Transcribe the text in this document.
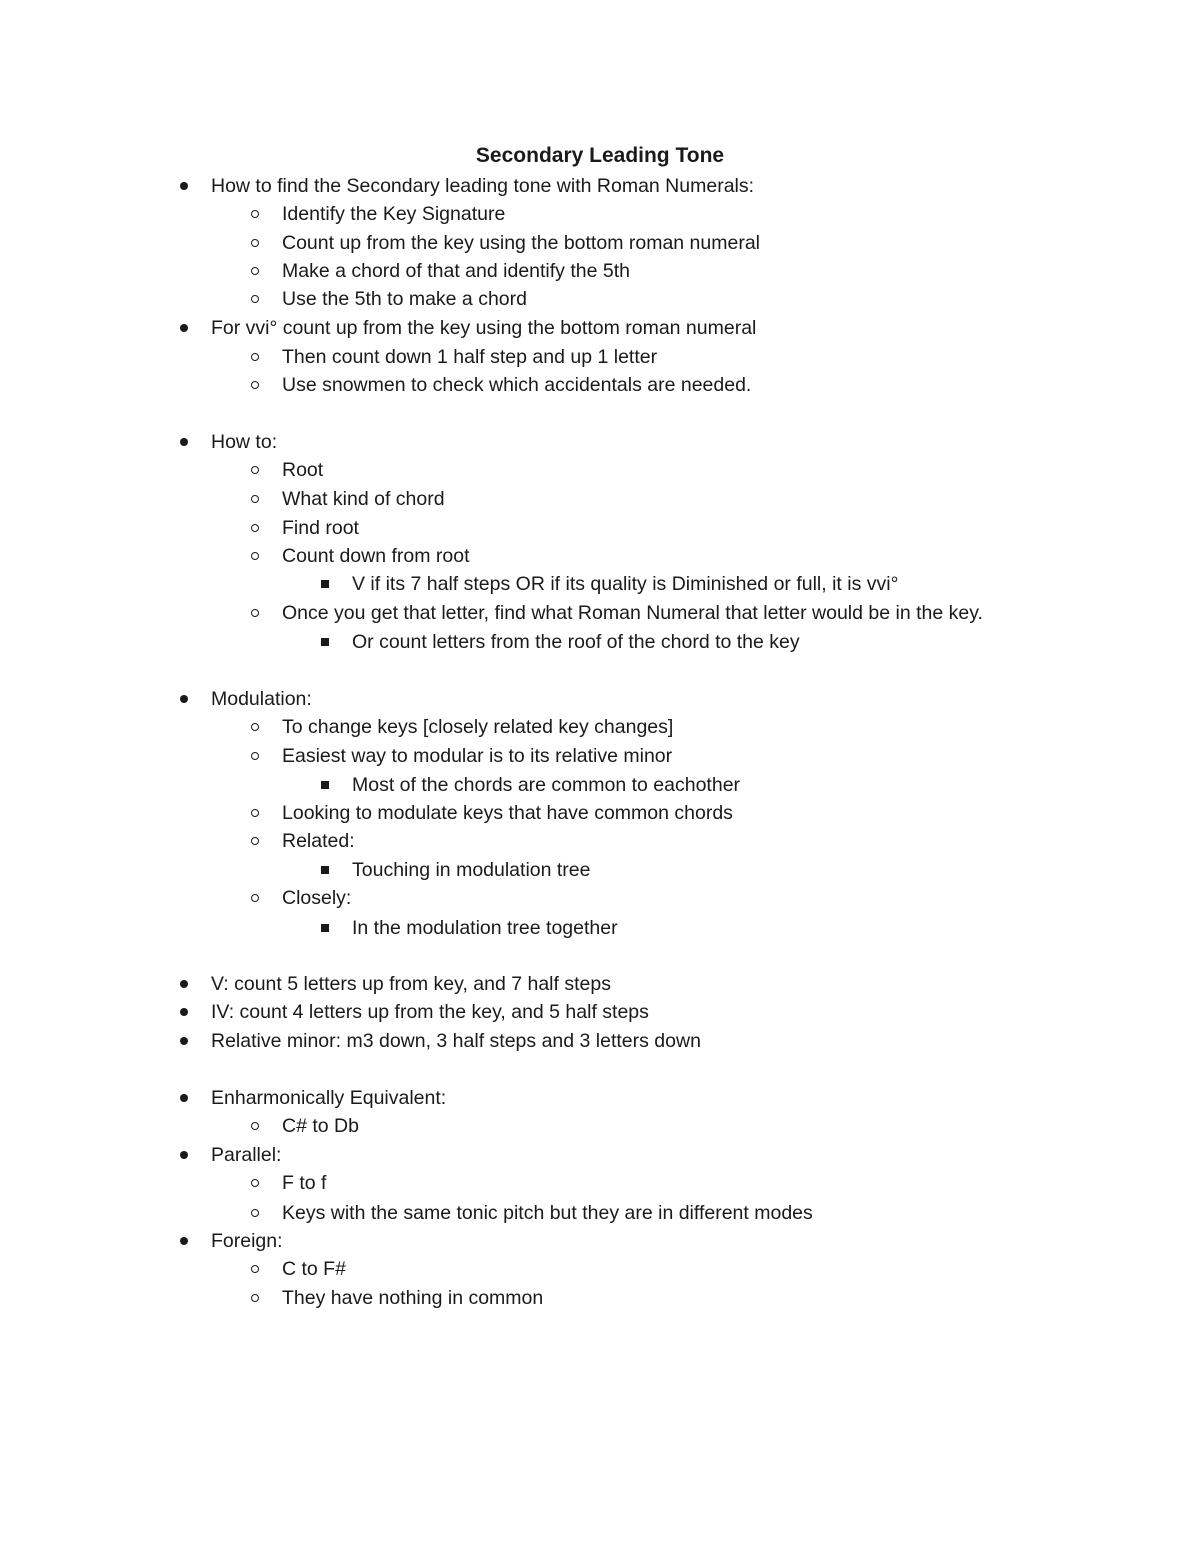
Secondary Leading Tone
How to find the Secondary leading tone with Roman Numerals:
Identify the Key Signature
Count up from the key using the bottom roman numeral
Make a chord of that and identify the 5th
Use the 5th to make a chord
For vvi° count up from the key using the bottom roman numeral
Then count down 1 half step and up 1 letter
Use snowmen to check which accidentals are needed.
How to:
Root
What kind of chord
Find root
Count down from root
V if its 7 half steps OR if its quality is Diminished or full, it is vvi°
Once you get that letter, find what Roman Numeral that letter would be in the key.
Or count letters from the roof of the chord to the key
Modulation:
To change keys [closely related key changes]
Easiest way to modular is to its relative minor
Most of the chords are common to eachother
Looking to modulate keys that have common chords
Related:
Touching in modulation tree
Closely:
In the modulation tree together
V: count 5 letters up from key, and 7 half steps
IV: count 4 letters up from the key, and 5 half steps
Relative minor: m3 down, 3 half steps and 3 letters down
Enharmonically Equivalent:
C# to Db
Parallel:
F to f
Keys with the same tonic pitch but they are in different modes
Foreign:
C to F#
They have nothing in common
